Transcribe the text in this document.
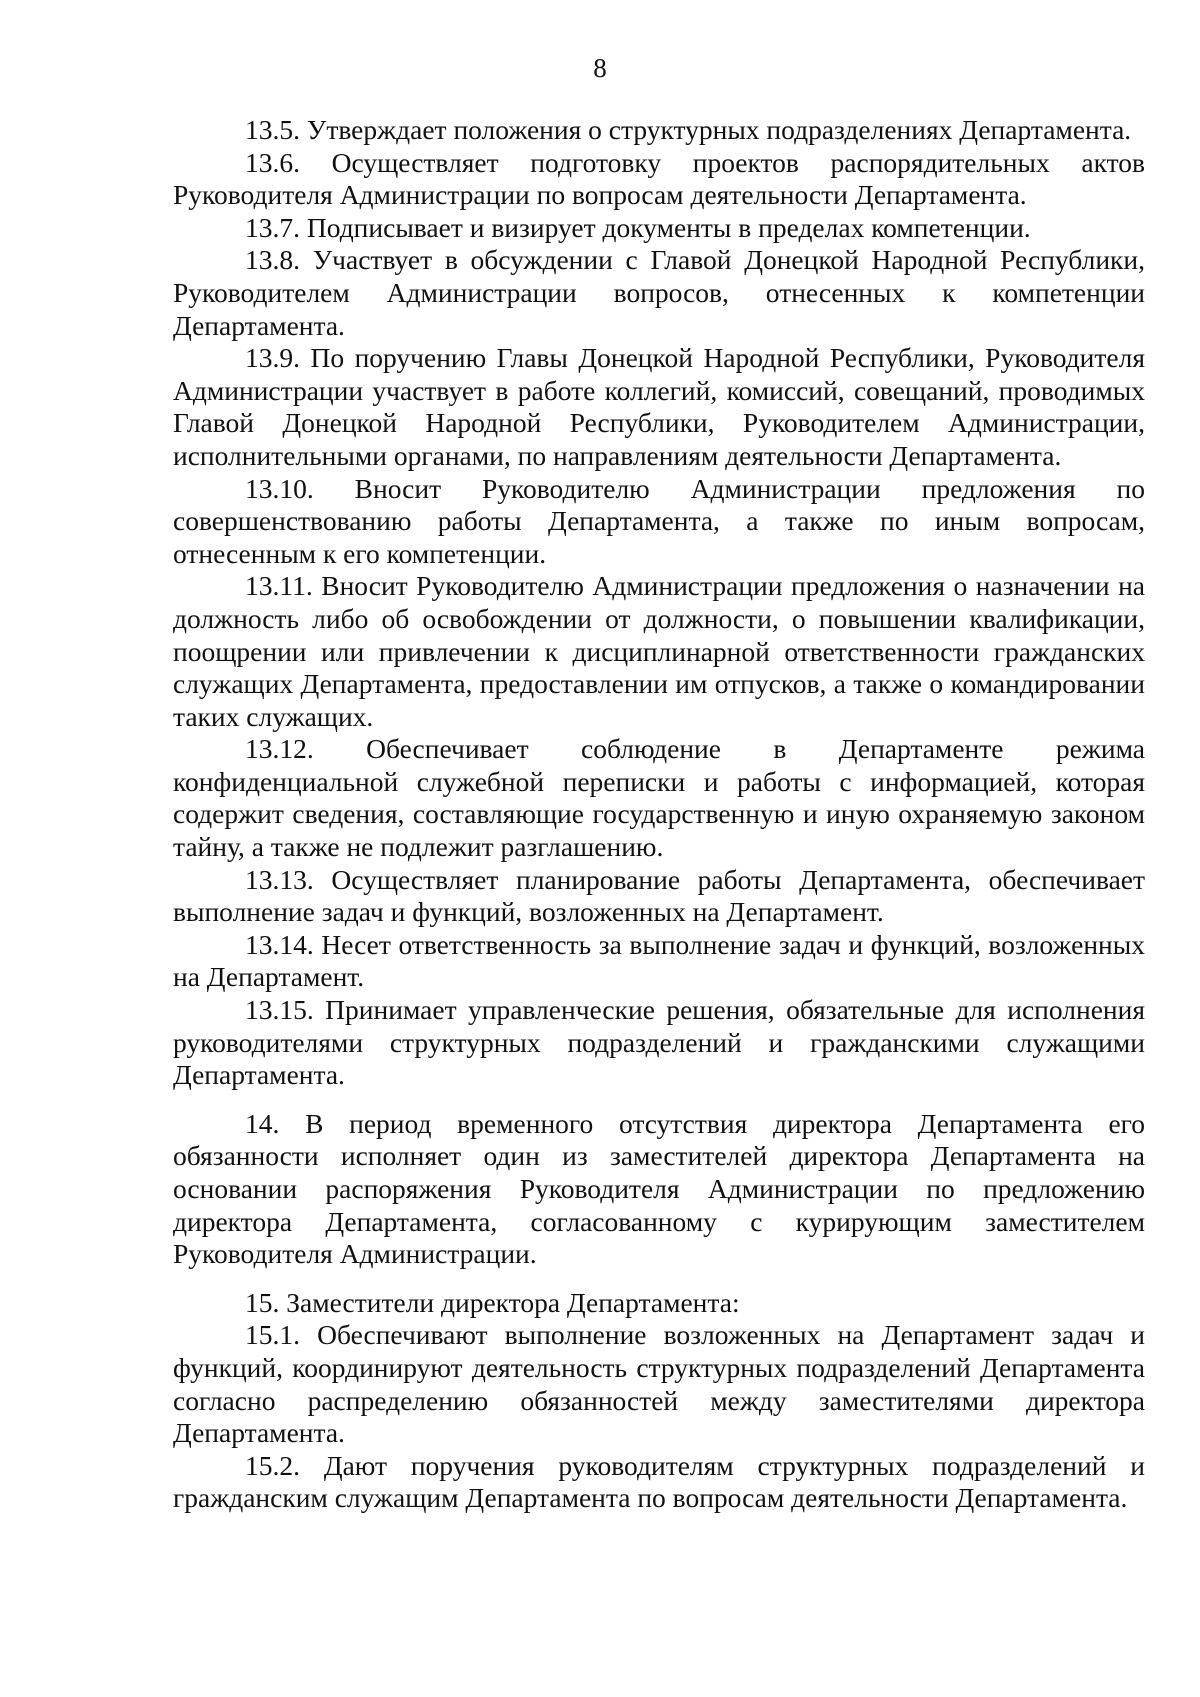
8

13.5. Утверждает положения о структурных подразделениях Департамента.

13.6. Осуществляет подготовку проектов распорядительных актов Руководителя Администрации по вопросам деятельности Департамента.

13.7. Подписывает и визирует документы в пределах компетенции.

13.8. Участвует в обсуждении с Главой Донецкой Народной Республики, Руководителем Администрации вопросов, отнесенных к компетенции Департамента.

13.9. По поручению Главы Донецкой Народной Республики, Руководителя Администрации участвует в работе коллегий, комиссий, совещаний, проводимых Главой Донецкой Народной Республики, Руководителем Администрации, исполнительными органами, по направлениям деятельности Департамента.

13.10. Вносит Руководителю Администрации предложения по совершенствованию работы Департамента, а также по иным вопросам, отнесенным к его компетенции.

13.11. Вносит Руководителю Администрации предложения о назначении на должность либо об освобождении от должности, о повышении квалификации, поощрении или привлечении к дисциплинарной ответственности гражданских служащих Департамента, предоставлении им отпусков, а также о командировании таких служащих.

13.12. Обеспечивает соблюдение в Департаменте режима конфиденциальной служебной переписки и работы с информацией, которая содержит сведения, составляющие государственную и иную охраняемую законом тайну, а также не подлежит разглашению.

13.13. Осуществляет планирование работы Департамента, обеспечивает выполнение задач и функций, возложенных на Департамент.

13.14. Несет ответственность за выполнение задач и функций, возложенных на Департамент.

13.15. Принимает управленческие решения, обязательные для исполнения руководителями структурных подразделений и гражданскими служащими Департамента.

14. В период временного отсутствия директора Департамента его обязанности исполняет один из заместителей директора Департамента на основании распоряжения Руководителя Администрации по предложению директора Департамента, согласованному с курирующим заместителем Руководителя Администрации.

15. Заместители директора Департамента:

15.1. Обеспечивают выполнение возложенных на Департамент задач и функций, координируют деятельность структурных подразделений Департамента согласно распределению обязанностей между заместителями директора Департамента.

15.2. Дают поручения руководителям структурных подразделений и гражданским служащим Департамента по вопросам деятельности Департамента.
